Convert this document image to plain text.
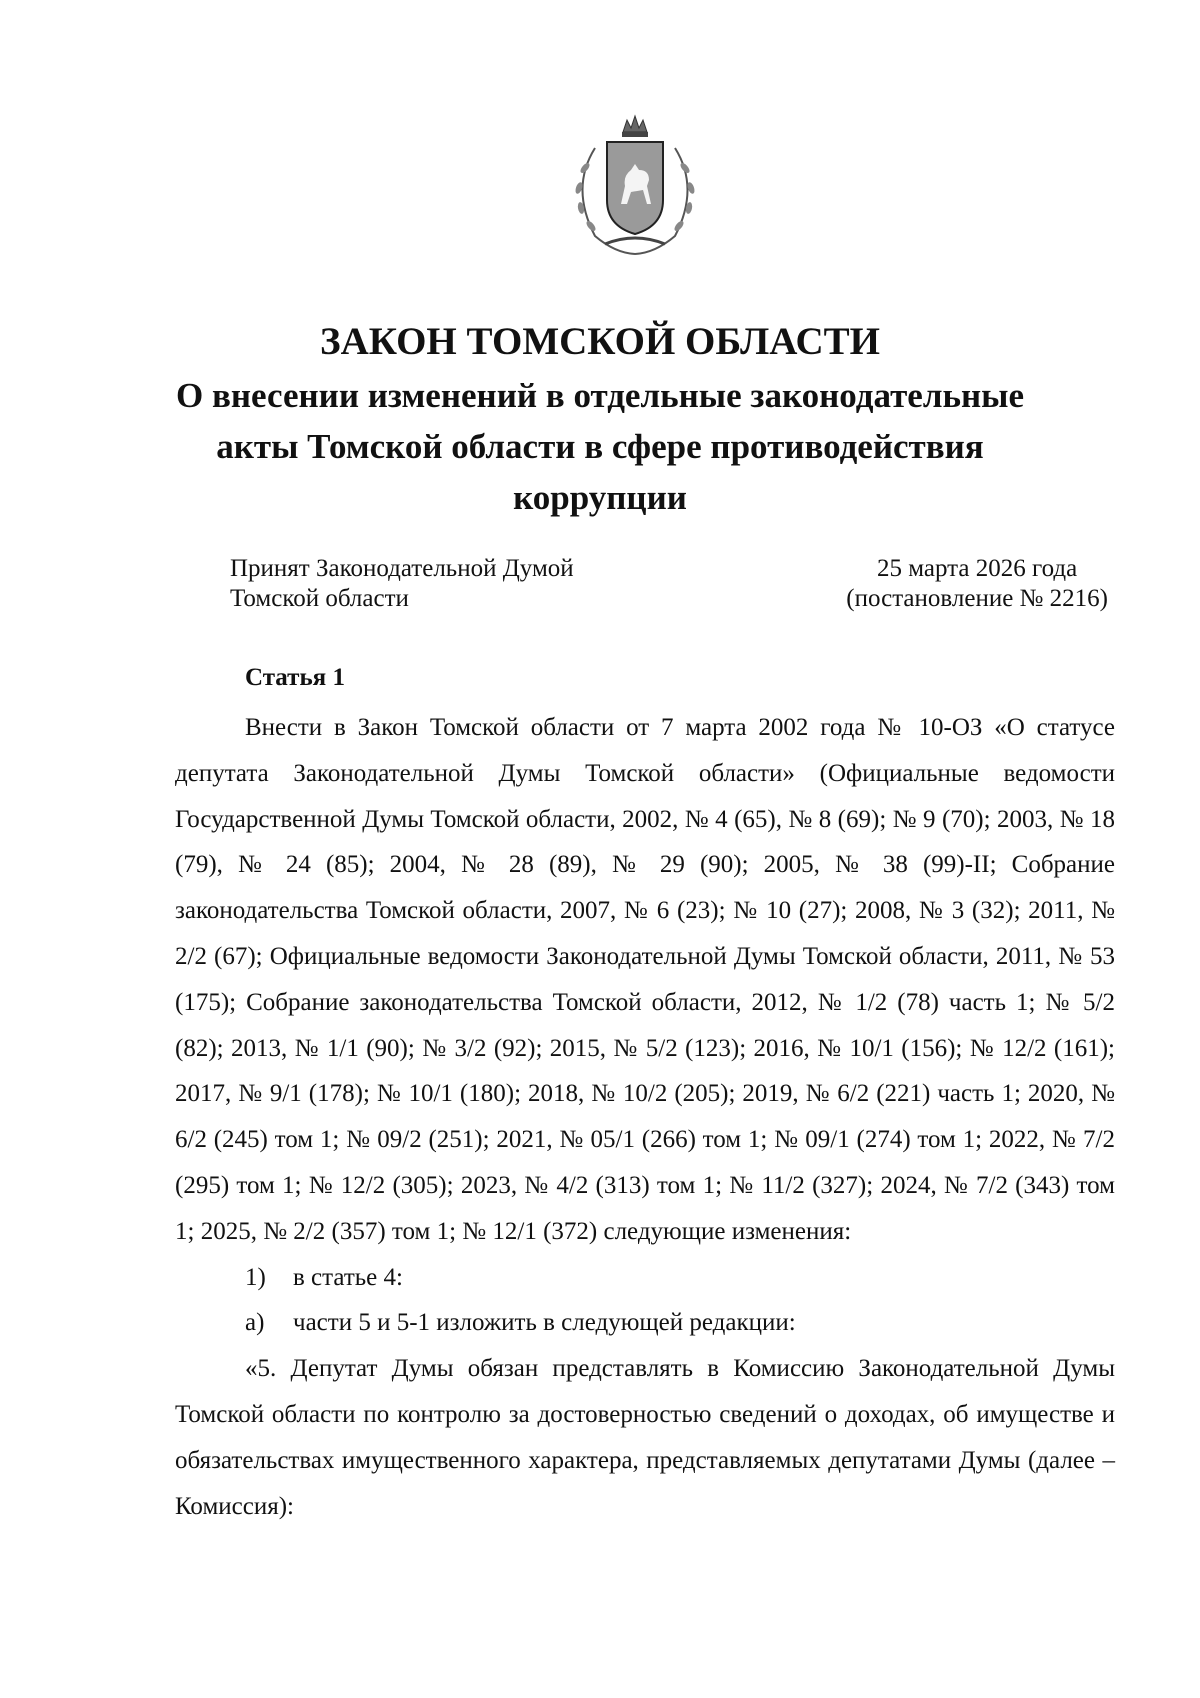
ЗАКОН ТОМСКОЙ ОБЛАСТИ
О внесении изменений в отдельные законодательные акты Томской области в сфере противодействия коррупции
Принят Законодательной Думой
Томской области
25 марта 2026 года
(постановление № 2216)
Статья 1

Внести в Закон Томской области от 7 марта 2002 года № 10-ОЗ «О статусе депутата Законодательной Думы Томской области» (Официальные ведомости Государственной Думы Томской области, 2002, № 4 (65), № 8 (69); № 9 (70); 2003, № 18 (79), № 24 (85); 2004, № 28 (89), № 29 (90); 2005, № 38 (99)-II; Собрание законодательства Томской области, 2007, № 6 (23); № 10 (27); 2008, № 3 (32); 2011, № 2/2 (67); Официальные ведомости Законодательной Думы Томской области, 2011, № 53 (175); Собрание законодательства Томской области, 2012, № 1/2 (78) часть 1; № 5/2 (82); 2013, № 1/1 (90); № 3/2 (92); 2015, № 5/2 (123); 2016, № 10/1 (156); № 12/2 (161); 2017, № 9/1 (178); № 10/1 (180); 2018, № 10/2 (205); 2019, № 6/2 (221) часть 1; 2020, № 6/2 (245) том 1; № 09/2 (251); 2021, № 05/1 (266) том 1; № 09/1 (274) том 1; 2022, № 7/2 (295) том 1; № 12/2 (305); 2023, № 4/2 (313) том 1; № 11/2 (327); 2024, № 7/2 (343) том 1; 2025, № 2/2 (357) том 1; № 12/1 (372) следующие изменения:

1)	в статье 4:
а)	части 5 и 5-1 изложить в следующей редакции:

«5. Депутат Думы обязан представлять в Комиссию Законодательной Думы Томской области по контролю за достоверностью сведений о доходах, об имуществе и обязательствах имущественного характера, представляемых депутатами Думы (далее – Комиссия):
